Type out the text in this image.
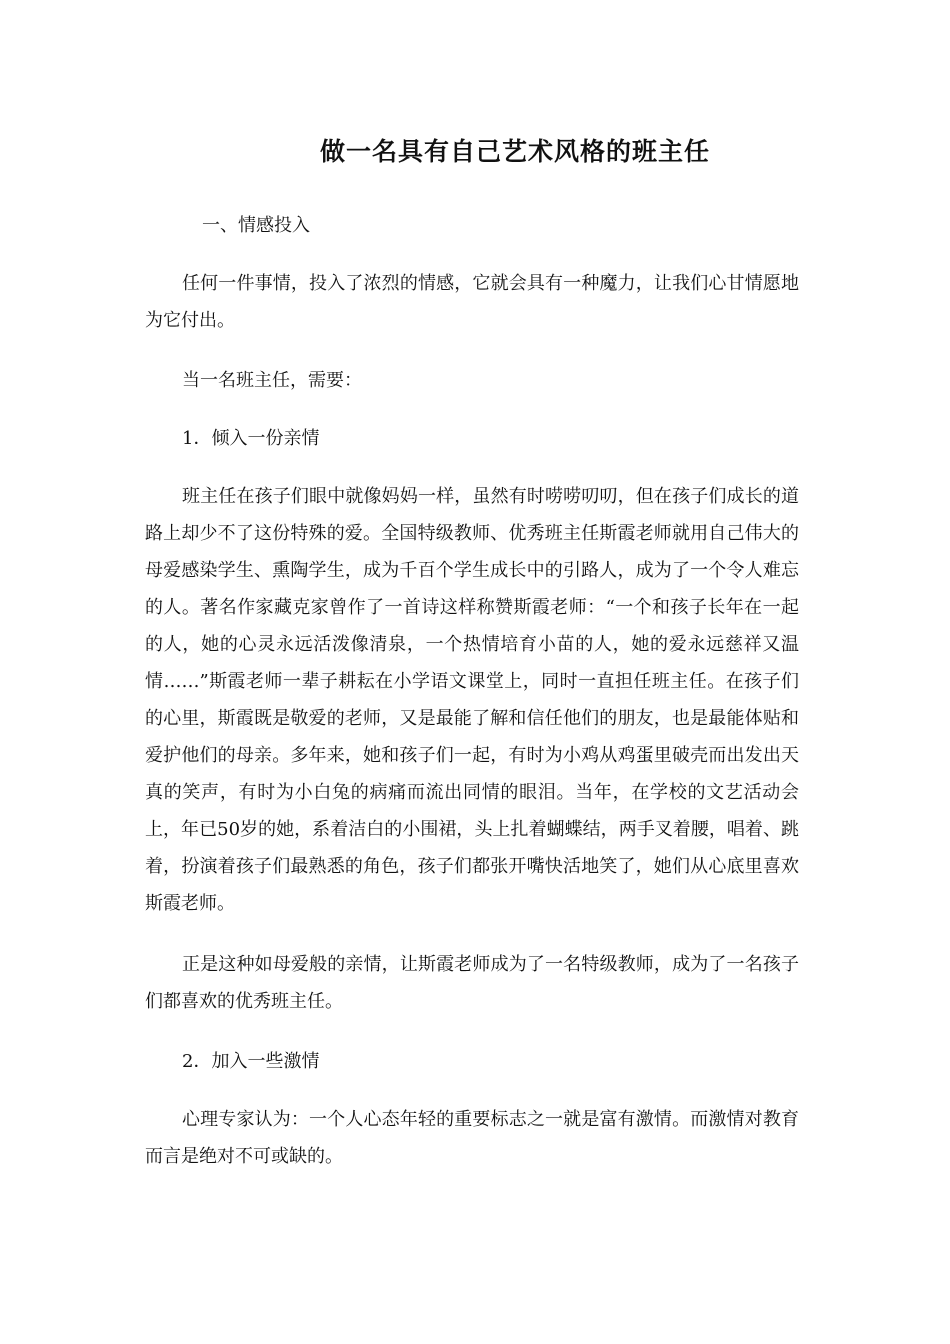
做一名具有自己艺术风格的班主任

一、情感投入

任何一件事情，投入了浓烈的情感，它就会具有一种魔力，让我们心甘情愿地为它付出。

当一名班主任，需要：

1．倾入一份亲情

班主任在孩子们眼中就像妈妈一样，虽然有时唠唠叨叨，但在孩子们成长的道路上却少不了这份特殊的爱。全国特级教师、优秀班主任斯霞老师就用自己伟大的母爱感染学生、熏陶学生，成为千百个学生成长中的引路人，成为了一个令人难忘的人。著名作家藏克家曾作了一首诗这样称赞斯霞老师：“一个和孩子长年在一起的人，她的心灵永远活泼像清泉，一个热情培育小苗的人，她的爱永远慈祥又温情……”斯霞老师一辈子耕耘在小学语文课堂上，同时一直担任班主任。在孩子们的心里，斯霞既是敬爱的老师，又是最能了解和信任他们的朋友，也是最能体贴和爱护他们的母亲。多年来，她和孩子们一起，有时为小鸡从鸡蛋里破壳而出发出天真的笑声，有时为小白兔的病痛而流出同情的眼泪。当年，在学校的文艺活动会上，年已50岁的她，系着洁白的小围裙，头上扎着蝴蝶结，两手叉着腰，唱着、跳着，扮演着孩子们最熟悉的角色，孩子们都张开嘴快活地笑了，她们从心底里喜欢斯霞老师。

正是这种如母爱般的亲情，让斯霞老师成为了一名特级教师，成为了一名孩子们都喜欢的优秀班主任。

2．加入一些激情

心理专家认为：一个人心态年轻的重要标志之一就是富有激情。而激情对教育而言是绝对不可或缺的。
